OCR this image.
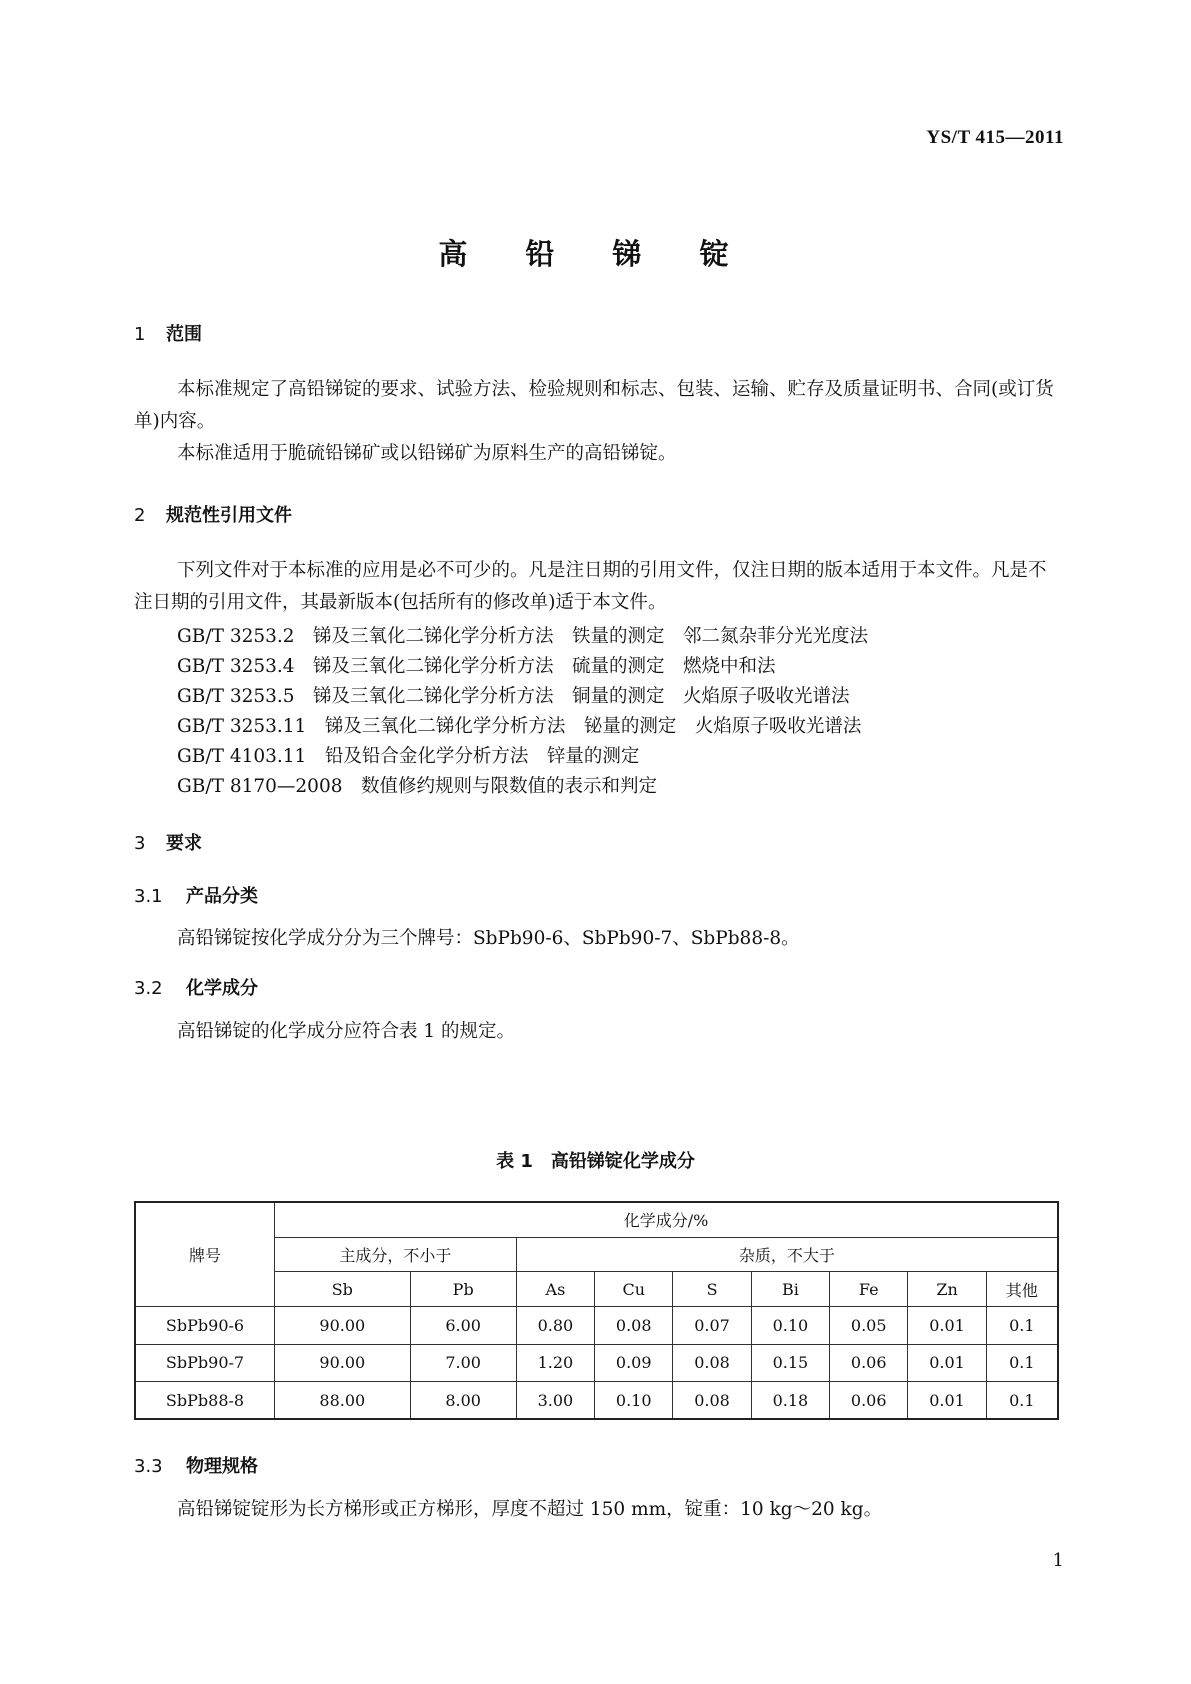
YS/T 415—2011
高 铅 锑 锭
1 范围
本标准规定了高铅锑锭的要求、试验方法、检验规则和标志、包装、运输、贮存及质量证明书、合同(或订货单)内容。
本标准适用于脆硫铅锑矿或以铅锑矿为原料生产的高铅锑锭。
2 规范性引用文件
下列文件对于本标准的应用是必不可少的。凡是注日期的引用文件，仅注日期的版本适用于本文件。凡是不注日期的引用文件，其最新版本(包括所有的修改单)适于本文件。
GB/T 3253.2　锑及三氧化二锑化学分析方法　铁量的测定　邻二氮杂菲分光光度法
GB/T 3253.4　锑及三氧化二锑化学分析方法　硫量的测定　燃烧中和法
GB/T 3253.5　锑及三氧化二锑化学分析方法　铜量的测定　火焰原子吸收光谱法
GB/T 3253.11　锑及三氧化二锑化学分析方法　铋量的测定　火焰原子吸收光谱法
GB/T 4103.11　铅及铅合金化学分析方法　锌量的测定
GB/T 8170—2008　数值修约规则与限数值的表示和判定
3 要求
3.1 产品分类
高铅锑锭按化学成分分为三个牌号：SbPb90-6、SbPb90-7、SbPb88-8。
3.2 化学成分
高铅锑锭的化学成分应符合表 1 的规定。
表 1　高铅锑锭化学成分
牌号	化学成分/%								
	主成分，不小于		杂质，不大于						
	Sb	Pb	As	Cu	S	Bi	Fe	Zn	其他
SbPb90-6	90.00	6.00	0.80	0.08	0.07	0.10	0.05	0.01	0.1
SbPb90-7	90.00	7.00	1.20	0.09	0.08	0.15	0.06	0.01	0.1
SbPb88-8	88.00	8.00	3.00	0.10	0.08	0.18	0.06	0.01	0.1
3.3 物理规格
高铅锑锭锭形为长方梯形或正方梯形，厚度不超过 150 mm，锭重：10 kg～20 kg。
1
